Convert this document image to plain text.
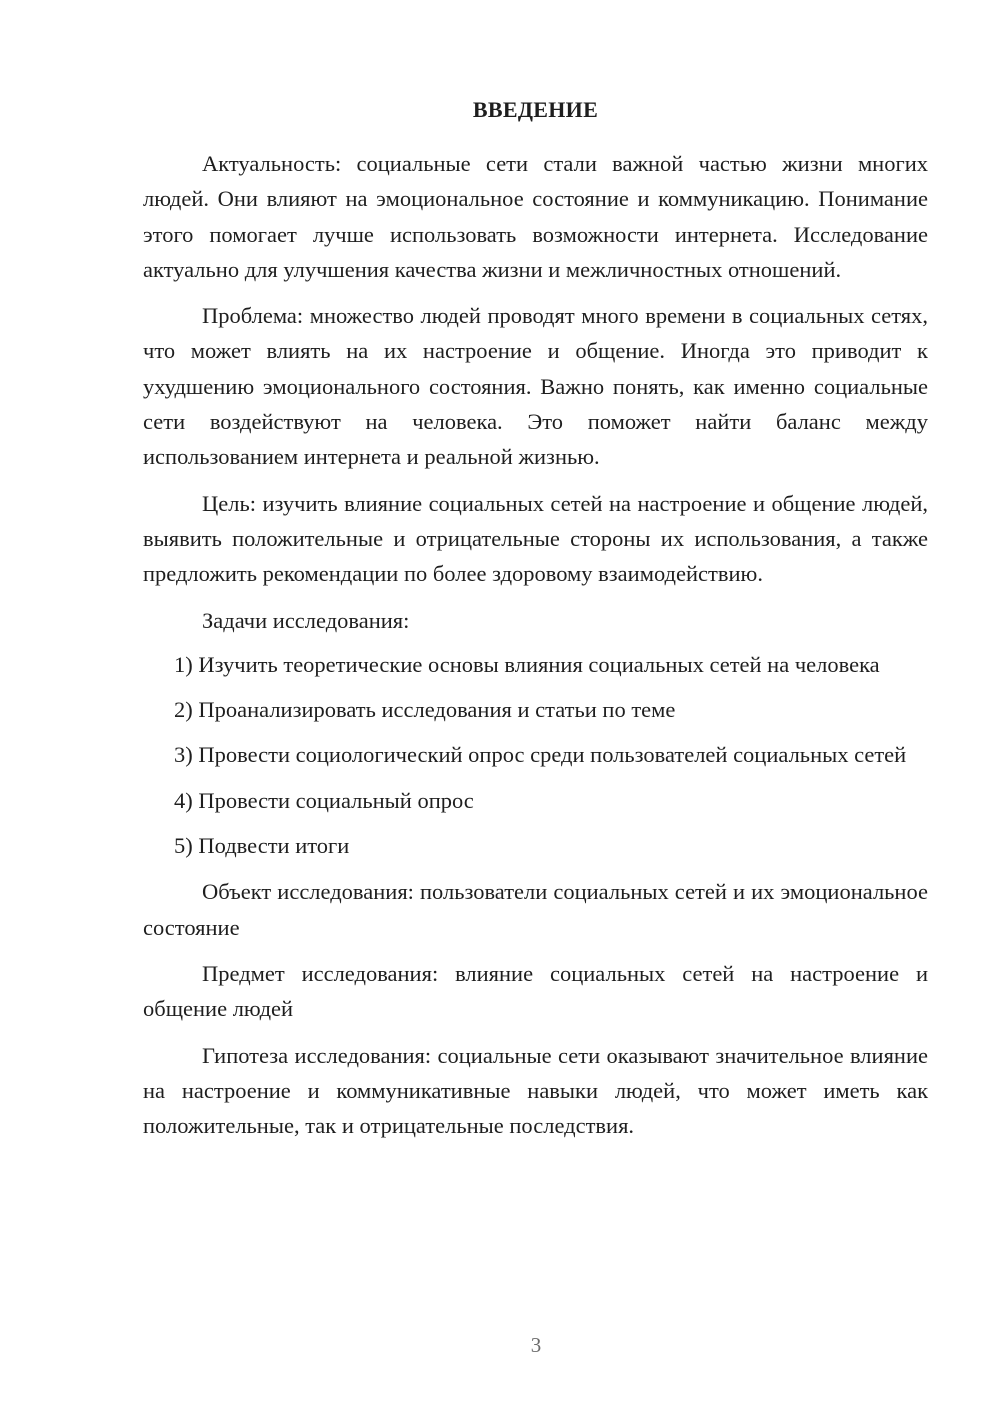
ВВЕДЕНИЕ

Актуальность: социальные сети стали важной частью жизни многих людей. Они влияют на эмоциональное состояние и коммуникацию. Понимание этого помогает лучше использовать возможности интернета. Исследование актуально для улучшения качества жизни и межличностных отношений.

Проблема: множество людей проводят много времени в социальных сетях, что может влиять на их настроение и общение. Иногда это приводит к ухудшению эмоционального состояния. Важно понять, как именно социальные сети воздействуют на человека. Это поможет найти баланс между использованием интернета и реальной жизнью.

Цель: изучить влияние социальных сетей на настроение и общение людей, выявить положительные и отрицательные стороны их использования, а также предложить рекомендации по более здоровому взаимодействию.

Задачи исследования:

1) Изучить теоретические основы влияния социальных сетей на человека
2) Проанализировать исследования и статьи по теме
3) Провести социологический опрос среди пользователей социальных сетей
4) Провести социальный опрос
5) Подвести итоги

Объект исследования: пользователи социальных сетей и их эмоциональное состояние

Предмет исследования: влияние социальных сетей на настроение и общение людей

Гипотеза исследования: социальные сети оказывают значительное влияние на настроение и коммуникативные навыки людей, что может иметь как положительные, так и отрицательные последствия.

3
